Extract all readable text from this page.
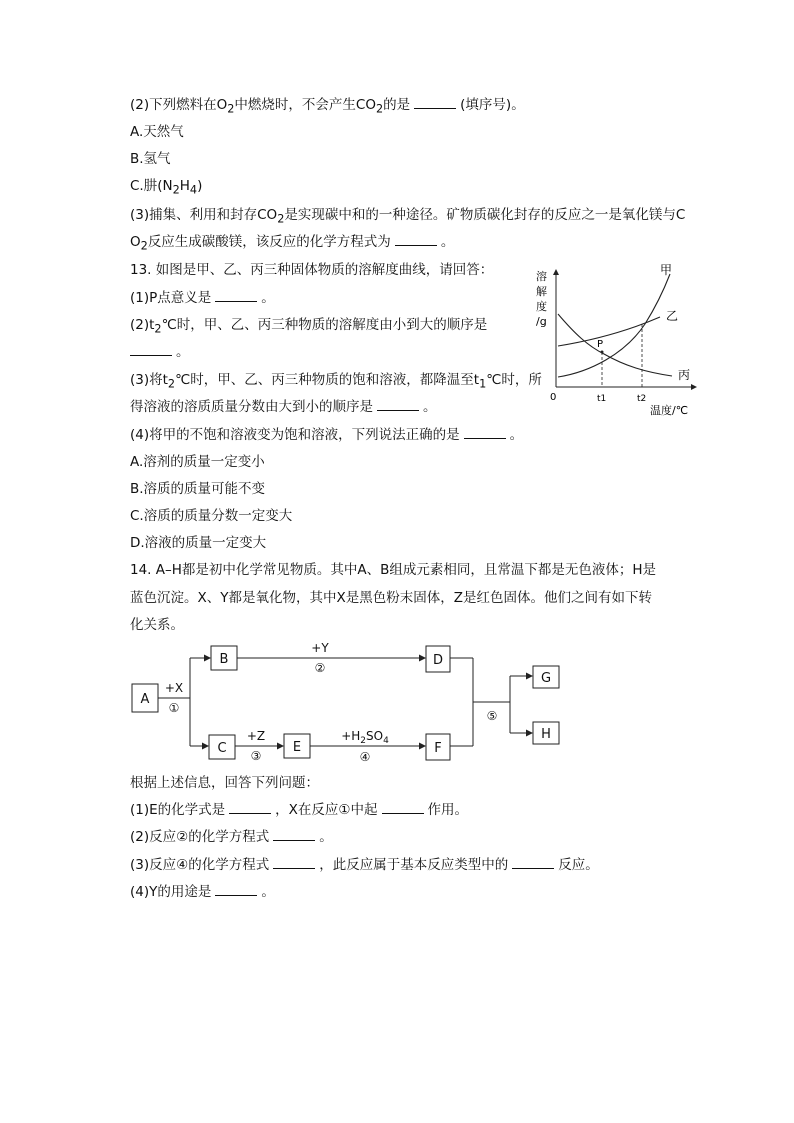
(2)下列燃料在$O_2$中燃烧时，不会产生$CO_2$的是	(填序号)。
A.天然气
B.氢气
C.肼$(N_2H_4)$
(3)捕集、利用和封存$CO_2$是实现碳中和的一种途径。矿物质碳化封存的反应之一是氧化镁与C
$O_2$反应生成碳酸镁，该反应的化学方程式为	。
13. 如图是甲、乙、丙三种固体物质的溶解度曲线，请回答：
(1)P点意义是	。
$(2)t_2℃$时，甲、乙、丙三种物质的溶解度由小到大的顺序是
。
(3)将$t_2℃$时，甲、乙、丙三种物质的饱和溶液，都降温至$t_1℃$时，所
得溶液的溶质质量分数由大到小的顺序是	。
(4)将甲的不饱和溶液变为饱和溶液，下列说法正确的是	。
A.溶剂的质量一定变小
B.溶质的质量可能不变
C.溶质的质量分数一定变大
D.溶液的质量一定变大
溶
解
度
/g
0
P
t1	t2
温度/℃
甲
乙
丙
14. A–H都是初中化学常见物质。其中A、B组成元素相同，且常温下都是无色液体；H是
蓝色沉淀。X、Y都是氧化物，其中X是黑色粉末固体，Z是红色固体。他们之间有如下转
化关系。
A
B
C
D
E	F
G
H
+X
①
+Y
②
+Z
③
$+H_2SO_4$
④
⑤
根据上述信息，回答下列问题：
(1)E的化学式是	，X在反应①中起	作用。
(2)反应②的化学方程式	。
(3)反应④的化学方程式	，此反应属于基本反应类型中的	反应。
(4)Y的用途是	。
